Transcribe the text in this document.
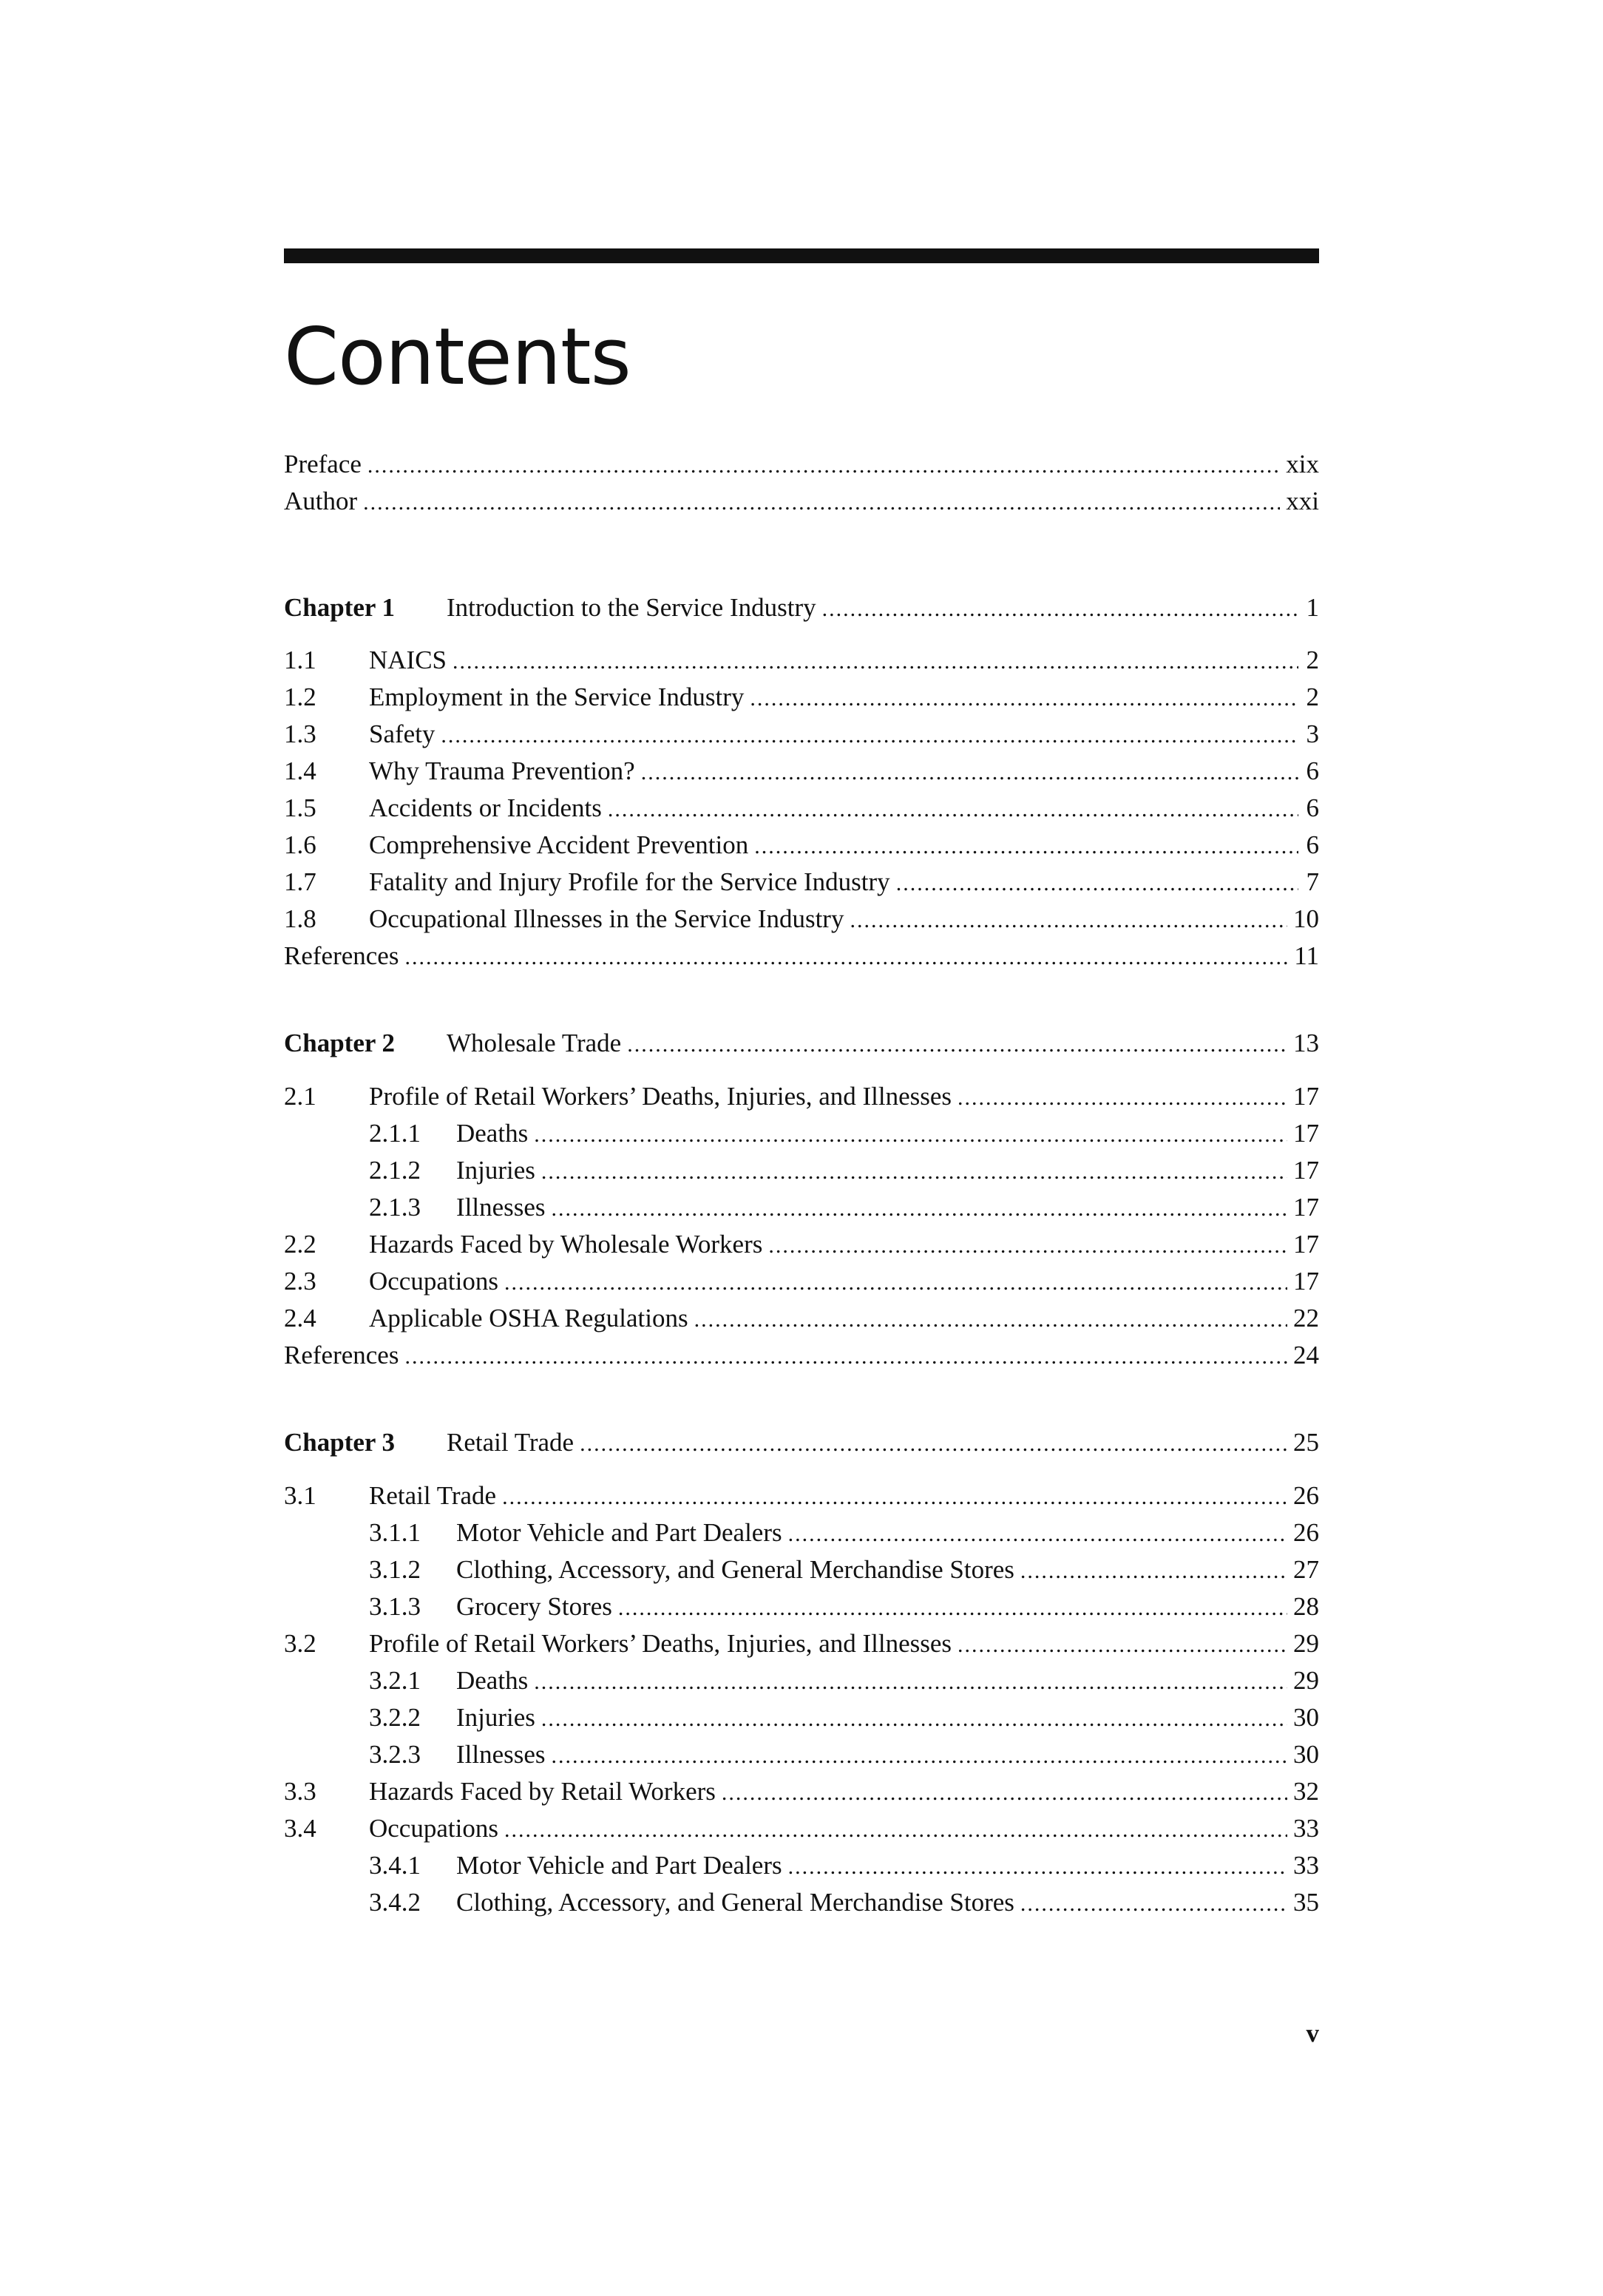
Contents
Preface .....	xix
Author .....	xxi
Chapter 1	Introduction to the Service Industry .....	1
1.1	NAICS .....	2
1.2	Employment in the Service Industry .....	2
1.3	Safety .....	3
1.4	Why Trauma Prevention? .....	6
1.5	Accidents or Incidents .....	6
1.6	Comprehensive Accident Prevention .....	6
1.7	Fatality and Injury Profile for the Service Industry .....	7
1.8	Occupational Illnesses in the Service Industry .....	10
References .....	11
Chapter 2	Wholesale Trade .....	13
2.1	Profile of Retail Workers’ Deaths, Injuries, and Illnesses .....	17
2.1.1	Deaths .....	17
2.1.2	Injuries .....	17
2.1.3	Illnesses .....	17
2.2	Hazards Faced by Wholesale Workers .....	17
2.3	Occupations .....	17
2.4	Applicable OSHA Regulations .....	22
References .....	24
Chapter 3	Retail Trade .....	25
3.1	Retail Trade .....	26
3.1.1	Motor Vehicle and Part Dealers .....	26
3.1.2	Clothing, Accessory, and General Merchandise Stores .....	27
3.1.3	Grocery Stores .....	28
3.2	Profile of Retail Workers’ Deaths, Injuries, and Illnesses .....	29
3.2.1	Deaths .....	29
3.2.2	Injuries .....	30
3.2.3	Illnesses .....	30
3.3	Hazards Faced by Retail Workers .....	32
3.4	Occupations .....	33
3.4.1	Motor Vehicle and Part Dealers .....	33
3.4.2	Clothing, Accessory, and General Merchandise Stores .....	35
v
